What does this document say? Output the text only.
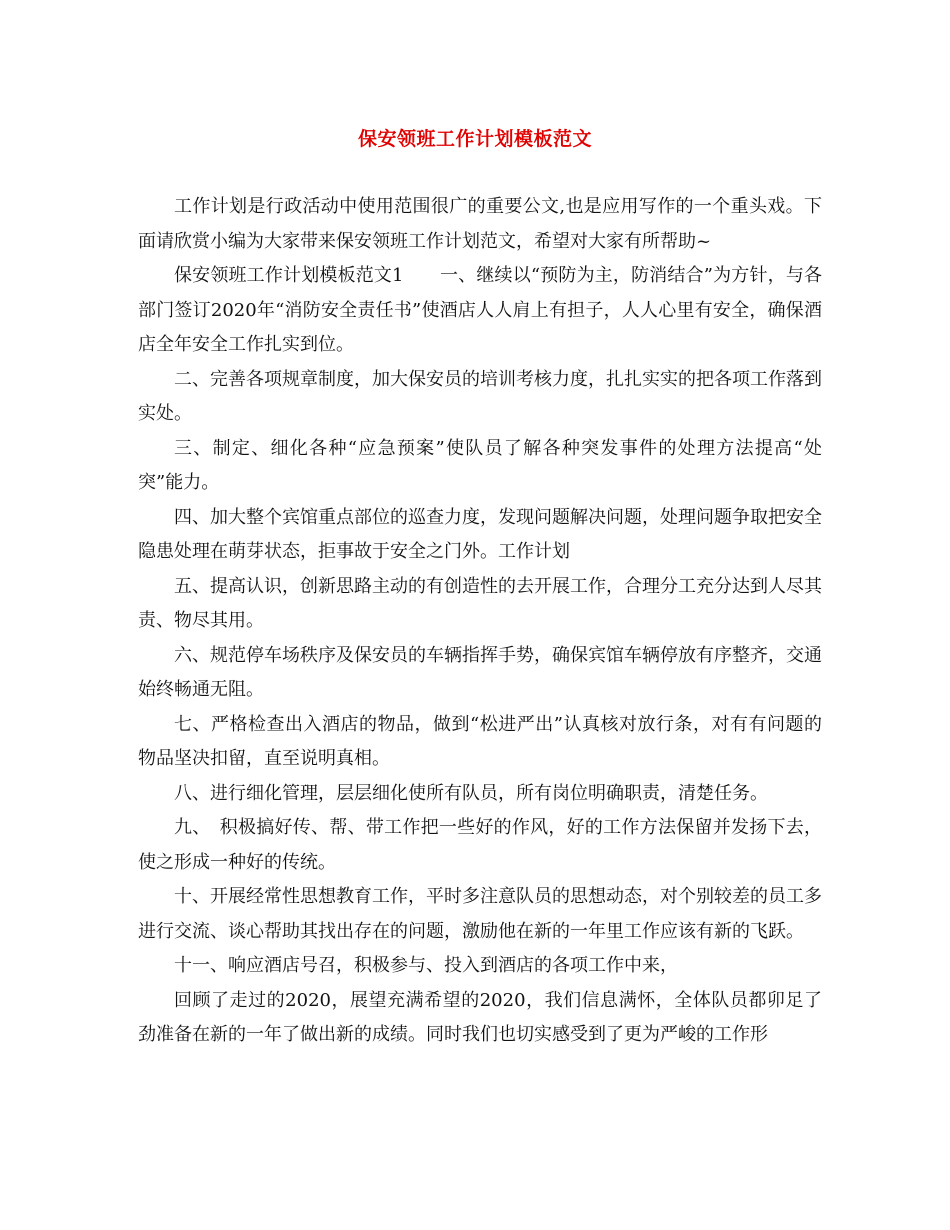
保安领班工作计划模板范文

工作计划是行政活动中使用范围很广的重要公文,也是应用写作的一个重头戏。下面请欣赏小编为大家带来保安领班工作计划范文，希望对大家有所帮助~

保安领班工作计划模板范文1　　一、继续以“预防为主，防消结合”为方针，与各部门签订2020年“消防安全责任书”使酒店人人肩上有担子，人人心里有安全，确保酒店全年安全工作扎实到位。

二、完善各项规章制度，加大保安员的培训考核力度，扎扎实实的把各项工作落到实处。

三、制定、细化各种“应急预案”使队员了解各种突发事件的处理方法提高“处突”能力。

四、加大整个宾馆重点部位的巡查力度，发现问题解决问题，处理问题争取把安全隐患处理在萌芽状态，拒事故于安全之门外。工作计划

五、提高认识，创新思路主动的有创造性的去开展工作，合理分工充分达到人尽其责、物尽其用。

六、规范停车场秩序及保安员的车辆指挥手势，确保宾馆车辆停放有序整齐，交通始终畅通无阻。

七、严格检查出入酒店的物品，做到“松进严出”认真核对放行条，对有有问题的物品坚决扣留，直至说明真相。

八、进行细化管理，层层细化使所有队员，所有岗位明确职责，清楚任务。

九、　积极搞好传、帮、带工作把一些好的作风，好的工作方法保留并发扬下去，使之形成一种好的传统。

十、开展经常性思想教育工作，平时多注意队员的思想动态，对个别较差的员工多进行交流、谈心帮助其找出存在的问题，激励他在新的一年里工作应该有新的飞跃。

十一、响应酒店号召，积极参与、投入到酒店的各项工作中来，

回顾了走过的2020，展望充满希望的2020，我们信息满怀，全体队员都卯足了劲准备在新的一年了做出新的成绩。同时我们也切实感受到了更为严峻的工作形
